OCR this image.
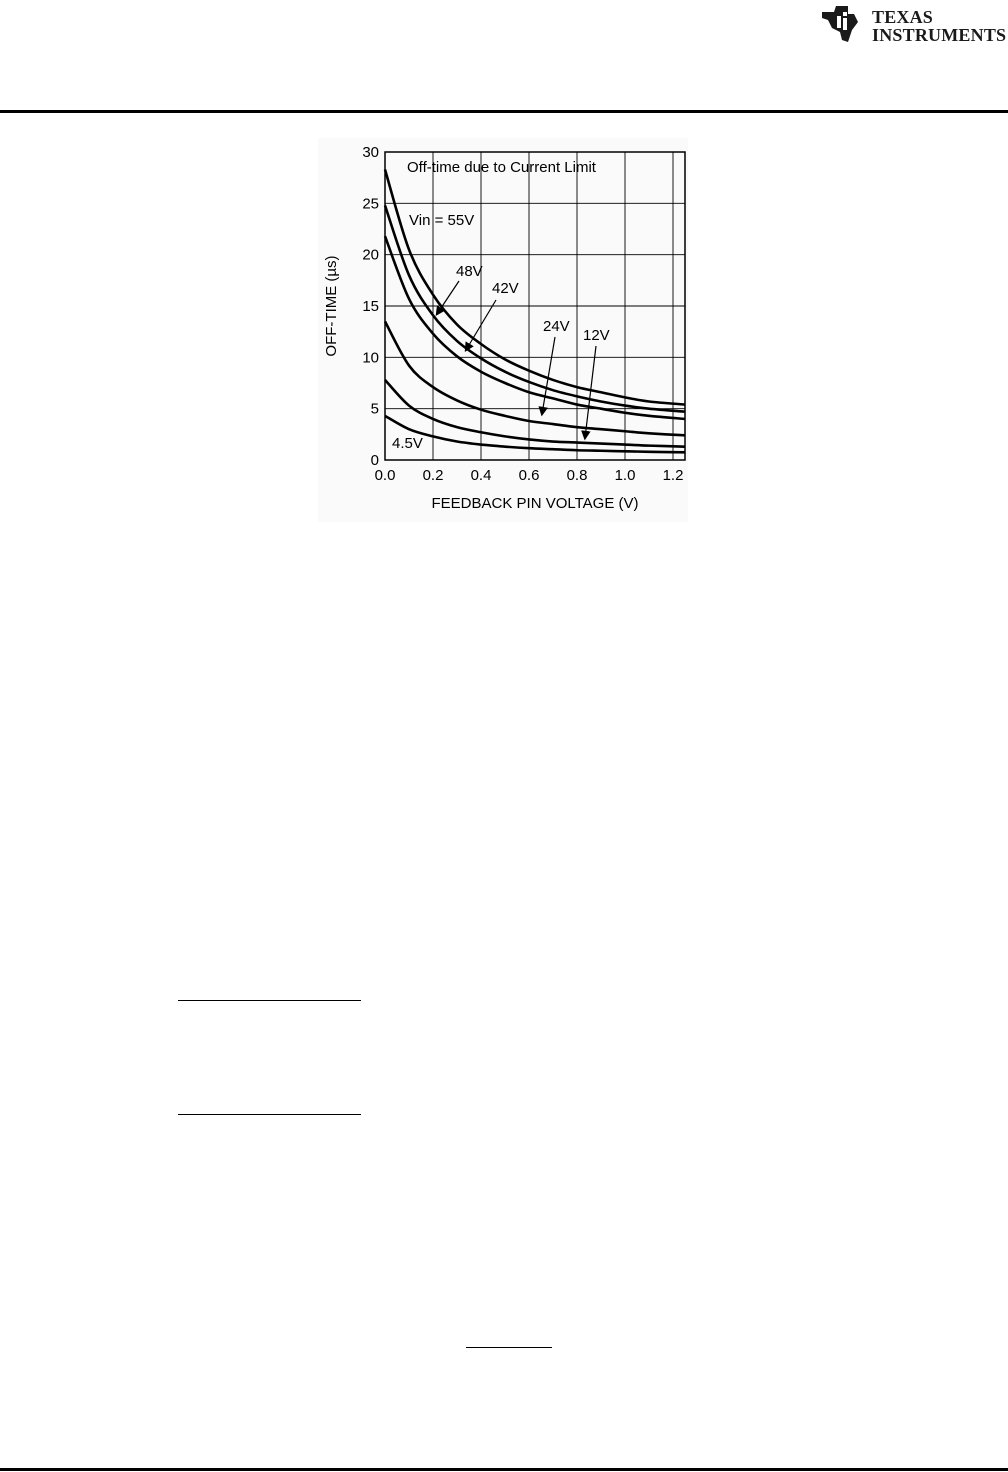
TEXAS
INSTRUMENTS
0.0 0.2 0.4 0.6 0.8 1.0 1.2
0
5
10
15
20
25
30
Off-time due to Current Limit
FEEDBACK PIN VOLTAGE (V)
OFF-TIME (µs)
Vin = 55V
48V
42V
24V
12V
4.5V
